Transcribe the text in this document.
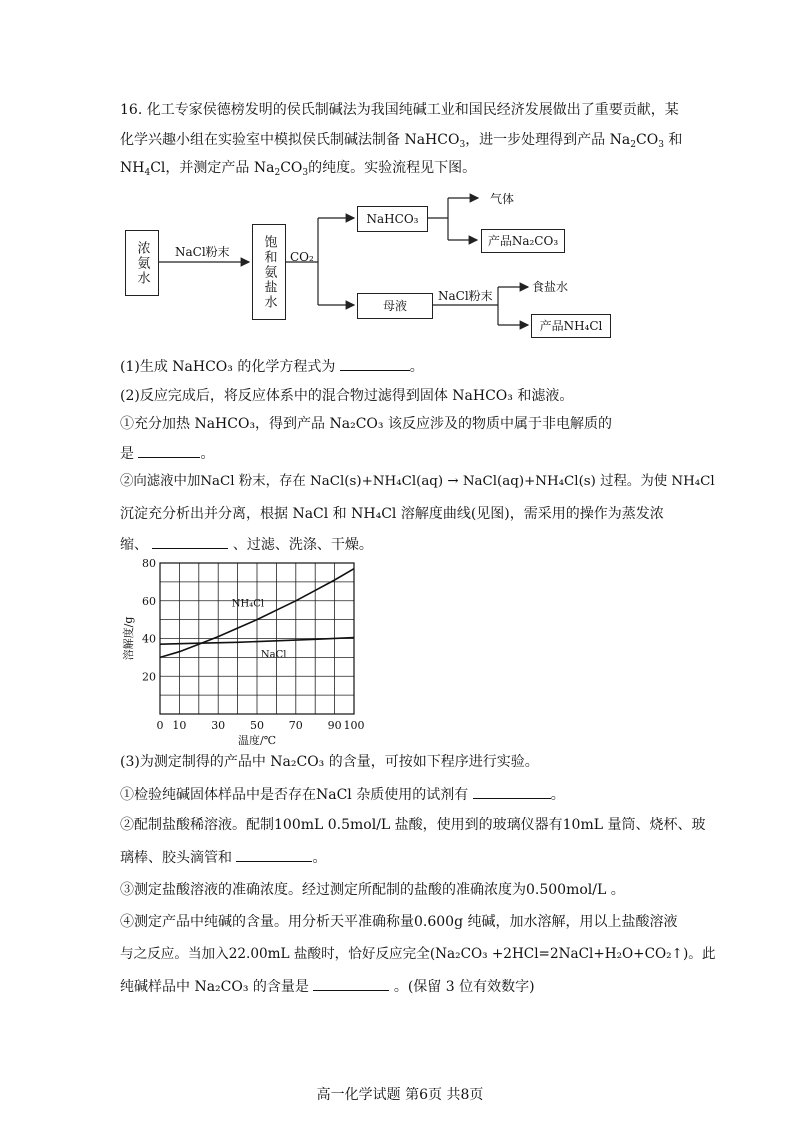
16. 化工专家侯德榜发明的侯氏制碱法为我国纯碱工业和国民经济发展做出了重要贡献，某
化学兴趣小组在实验室中模拟侯氏制碱法制备 NaHCO$_3$，进一步处理得到产品 $Na_2CO_3$ 和
$NH_4Cl$，并测定产品 $Na_2CO_3$的纯度。实验流程见下图。
浓氨水 NaCl粉末 饱和氨盐水 CO₂
NaHCO₃
气体
产品Na₂CO₃
母液
NaCl粉末
食盐水
产品NH₄Cl
(1)生成 NaHCO₃ 的化学方程式为	。
(2)反应完成后，将反应体系中的混合物过滤得到固体 NaHCO₃ 和滤液。
①充分加热 NaHCO₃，得到产品 Na₂CO₃ 该反应涉及的物质中属于非电解质的
是	。
②向滤液中加NaCl 粉末，存在 NaCl(s)+NH₄Cl(aq) → NaCl(aq)+NH₄Cl(s) 过程。为使 NH₄Cl
沉淀充分析出并分离，根据 NaCl 和 NH₄Cl 溶解度曲线(见图)，需采用的操作为蒸发浓
缩、	、过滤、洗涤、干燥。
0 10 30 50 70 90 100
20
40
60
80
温度/℃
溶解度/g
NH₄Cl
NaCl
(3)为测定制得的产品中 Na₂CO₃ 的含量，可按如下程序进行实验。
①检验纯碱固体样品中是否存在NaCl 杂质使用的试剂有	。
②配制盐酸稀溶液。配制100mL 0.5mol/L 盐酸，使用到的玻璃仪器有10mL 量筒、烧杯、玻
璃棒、胶头滴管和	。
③测定盐酸溶液的准确浓度。经过测定所配制的盐酸的准确浓度为0.500mol/L 。
④测定产品中纯碱的含量。用分析天平准确称量0.600g 纯碱，加水溶解，用以上盐酸溶液
与之反应。当加入22.00mL 盐酸时，恰好反应完全(Na₂CO₃ +2HCl=2NaCl+H₂O+CO₂↑)。此
纯碱样品中 Na₂CO₃ 的含量是	。(保留 3 位有效数字)
高一化学试题 第6页 共8页
